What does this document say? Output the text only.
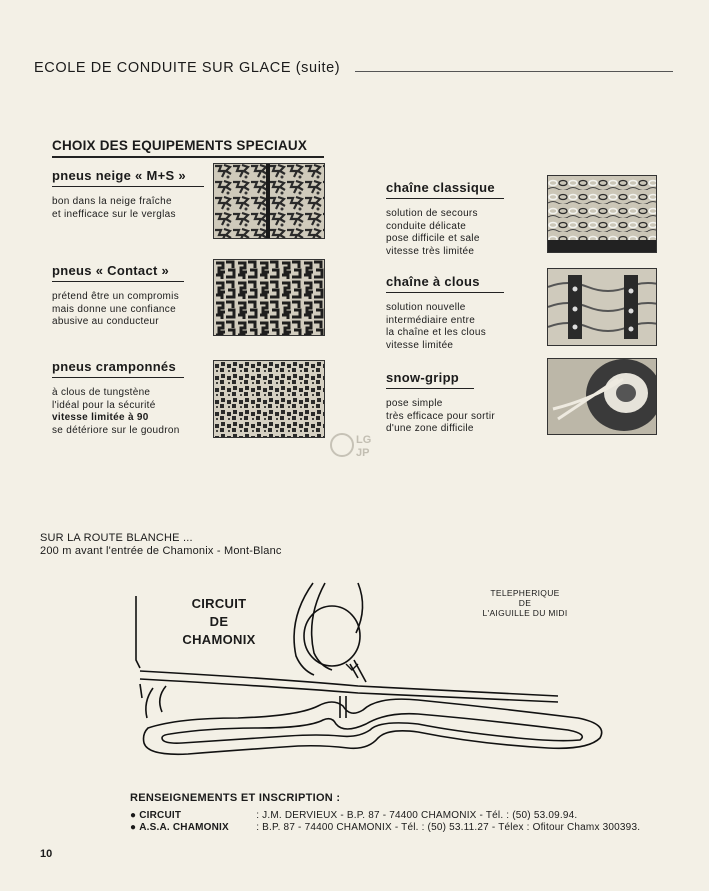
ECOLE DE CONDUITE SUR GLACE (suite)
CHOIX DES EQUIPEMENTS SPECIAUX
pneus neige « M+S »
bon dans la neige fraîche
et inefficace sur le verglas
pneus « Contact »
prétend être un compromis
mais donne une confiance
abusive au conducteur
pneus cramponnés
à clous de tungstène
l'idéal pour la sécurité
vitesse limitée à 90
se détériore sur le goudron
chaîne classique
solution de secours
conduite délicate
pose difficile et sale
vitesse très limitée
chaîne à clous
solution nouvelle
intermédiaire entre
la chaîne et les clous
vitesse limitée
snow-gripp
pose simple
très efficace pour sortir
d'une zone difficile
LG
JP
SUR LA ROUTE BLANCHE ...
200 m avant l'entrée de Chamonix - Mont-Blanc
CIRCUIT
DE
CHAMONIX
TELEPHERIQUE
DE
L'AIGUILLE DU MIDI
RENSEIGNEMENTS ET INSCRIPTION :
● CIRCUIT	: J.M. DERVIEUX - B.P. 87 - 74400 CHAMONIX - Tél. : (50) 53.09.94.
● A.S.A. CHAMONIX	: B.P. 87 - 74400 CHAMONIX - Tél. : (50) 53.11.27 - Télex : Ofitour Chamx 300393.
10
